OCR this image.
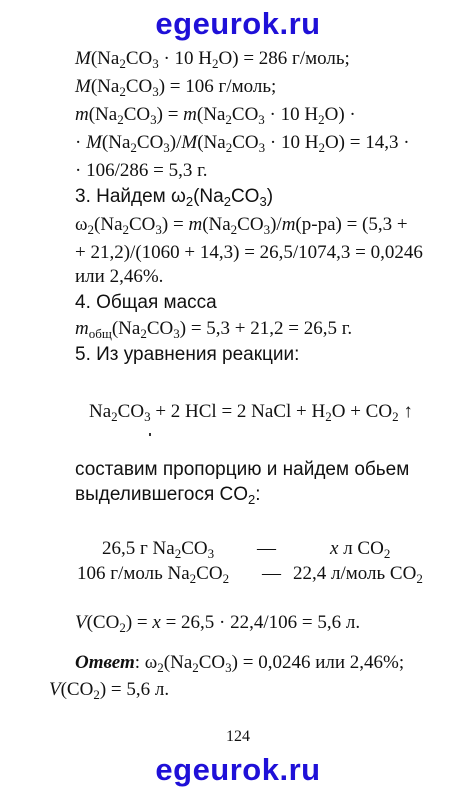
egeurok.ru
$M(Na_2CO_3 \cdot 10$ $H_2O) = 286$ г/моль;
$M(Na_2CO_3) = 106$ г/моль;
$m(Na_2CO_3) = m(Na_2CO_3 \cdot 10$ $H_2O$) ·
· $M(Na_2CO_3)/M(Na_2CO_3 \cdot 10$ $H_2O) = 14,3$ ·
· 106/286 = 5,3 г.
3. Найдем $\omega_2(Na_2CO_3)$
$\omega_2(Na_2CO_3) = m(Na_2CO_3)/m(р-ра) = (5,3$ +
+ 21,2)/(1060 + 14,3) = 26,5/1074,3 = 0,0246
или 2,46%.
4. Общая масса
$m_{общ}(Na_2CO_3) = 5,3 + 21,2 = 26,5$ г.
5. Из уравнения реакции:
$Na_2CO_3 + 2$ HCl = 2 NaCl + $H_2O + CO_2$ ↑
составим пропорцию и найдем обьем
выделившегося $CO_2$:
26,5 г $Na_2CO_3$ —	x л $CO_2$
106 г/моль $Na_2CO_2$ — 22,4 л/моль $CO_2$
$V(CO_2) = x = 26,5 \cdot 22,4/106 = 5,6$ л.
Ответ: $\omega_2(Na_2CO_3) = 0,0246$ или 2,46%;
$V(CO_2) = 5,6$ л.
124
egeurok.ru
